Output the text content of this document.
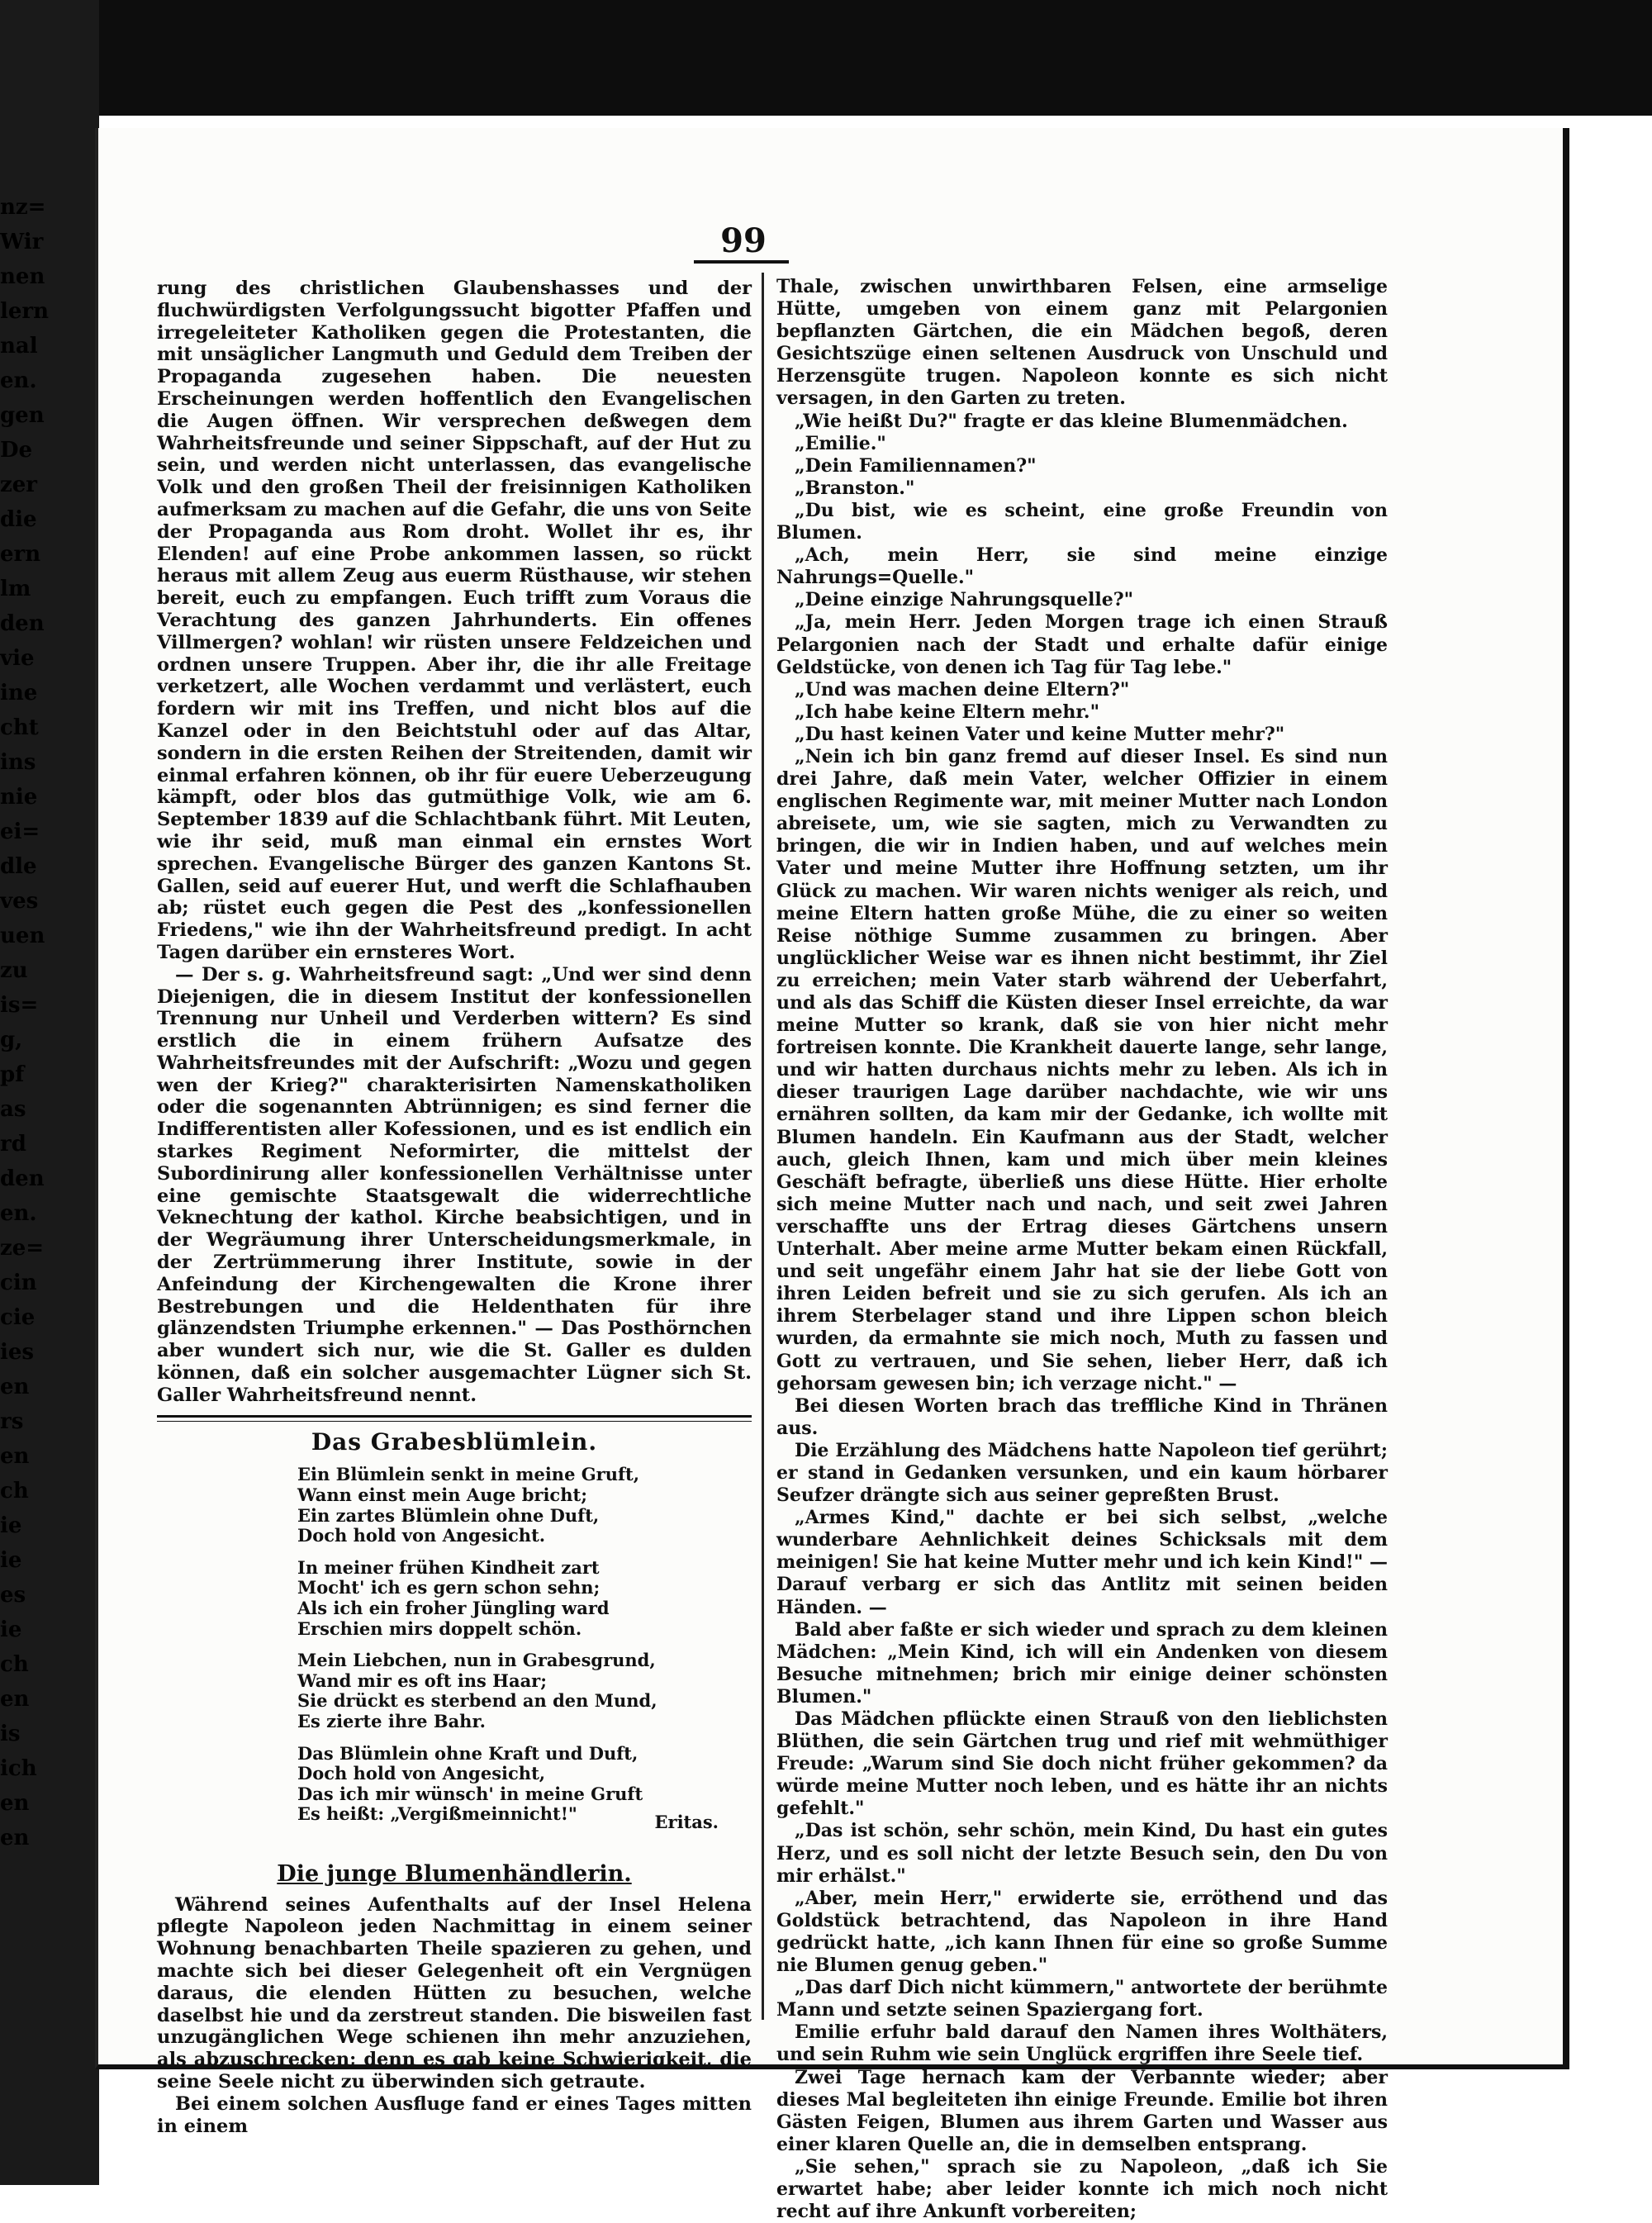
nz=
Wir
nen
lern
nal
en.
gen
De
zer
die
ern
lm
den
vie
ine
cht
ins
nie
ei=
dle
ves
uen
zu
is=
g,
pf
as
rd
den
en.
ze=
cin
cie
ies
en
rs
en
ch
ie
ie
es
ie
ch
en
is
ich
en
en
99

rung des christlichen Glaubenshasses und der fluchwürdigsten Verfolgungssucht bigotter Pfaffen und irregeleiteter Katholiken gegen die Protestanten, die mit unsäglicher Langmuth und Geduld dem Treiben der Propaganda zugesehen haben. Die neuesten Erscheinungen werden hoffentlich den Evangelischen die Augen öffnen. Wir versprechen deßwegen dem Wahrheitsfreunde und seiner Sippschaft, auf der Hut zu sein, und werden nicht unterlassen, das evangelische Volk und den großen Theil der freisinnigen Katholiken aufmerksam zu machen auf die Gefahr, die uns von Seite der Propaganda aus Rom droht. Wollet ihr es, ihr Elenden! auf eine Probe ankommen lassen, so rückt heraus mit allem Zeug aus euerm Rüsthause, wir stehen bereit, euch zu empfangen. Euch trifft zum Voraus die Verachtung des ganzen Jahrhunderts. Ein offenes Villmergen? wohlan! wir rüsten unsere Feldzeichen und ordnen unsere Truppen. Aber ihr, die ihr alle Freitage verketzert, alle Wochen verdammt und verlästert, euch fordern wir mit ins Treffen, und nicht blos auf die Kanzel oder in den Beichtstuhl oder auf das Altar, sondern in die ersten Reihen der Streitenden, damit wir einmal erfahren können, ob ihr für euere Ueberzeugung kämpft, oder blos das gutmüthige Volk, wie am 6. September 1839 auf die Schlachtbank führt. Mit Leuten, wie ihr seid, muß man einmal ein ernstes Wort sprechen. Evangelische Bürger des ganzen Kantons St. Gallen, seid auf euerer Hut, und werft die Schlafhauben ab; rüstet euch gegen die Pest des „konfessionellen Friedens," wie ihn der Wahrheitsfreund predigt. In acht Tagen darüber ein ernsteres Wort.

— Der s. g. Wahrheitsfreund sagt: „Und wer sind denn Diejenigen, die in diesem Institut der konfessionellen Trennung nur Unheil und Verderben wittern? Es sind erstlich die in einem frühern Aufsatze des Wahrheitsfreundes mit der Aufschrift: „Wozu und gegen wen der Krieg?" charakterisirten Namenskatholiken oder die sogenannten Abtrünnigen; es sind ferner die Indifferentisten aller Kofessionen, und es ist endlich ein starkes Regiment Neformirter, die mittelst der Subordinirung aller konfessionellen Verhältnisse unter eine gemischte Staatsgewalt die widerrechtliche Veknechtung der kathol. Kirche beabsichtigen, und in der Wegräumung ihrer Unterscheidungsmerkmale, in der Zertrümmerung ihrer Institute, sowie in der Anfeindung der Kirchengewalten die Krone ihrer Bestrebungen und die Heldenthaten für ihre glänzendsten Triumphe erkennen." — Das Posthörnchen aber wundert sich nur, wie die St. Galler es dulden können, daß ein solcher ausgemachter Lügner sich St. Galler Wahrheitsfreund nennt.

Das Grabesblümlein.
Ein Blümlein senkt in meine Gruft,
Wann einst mein Auge bricht;
Ein zartes Blümlein ohne Duft,
Doch hold von Angesicht.
In meiner frühen Kindheit zart
Mocht' ich es gern schon sehn;
Als ich ein froher Jüngling ward
Erschien mirs doppelt schön.
Mein Liebchen, nun in Grabesgrund,
Wand mir es oft ins Haar;
Sie drückt es sterbend an den Mund,
Es zierte ihre Bahr.
Das Blümlein ohne Kraft und Duft,
Doch hold von Angesicht,
Das ich mir wünsch' in meine Gruft
Es heißt: „Vergißmeinnicht!"	Eritas.
Die junge Blumenhändlerin.

Während seines Aufenthalts auf der Insel Helena pflegte Napoleon jeden Nachmittag in einem seiner Wohnung benachbarten Theile spazieren zu gehen, und machte sich bei dieser Gelegenheit oft ein Vergnügen daraus, die elenden Hütten zu besuchen, welche daselbst hie und da zerstreut standen. Die bisweilen fast unzugänglichen Wege schienen ihn mehr anzuziehen, als abzuschrecken; denn es gab keine Schwierigkeit, die seine Seele nicht zu überwinden sich getraute.

Bei einem solchen Ausfluge fand er eines Tages mitten in einem

Thale, zwischen unwirthbaren Felsen, eine armselige Hütte, umgeben von einem ganz mit Pelargonien bepflanzten Gärtchen, die ein Mädchen begoß, deren Gesichtszüge einen seltenen Ausdruck von Unschuld und Herzensgüte trugen. Napoleon konnte es sich nicht versagen, in den Garten zu treten.

„Wie heißt Du?" fragte er das kleine Blumenmädchen.

„Emilie."

„Dein Familiennamen?"

„Branston."

„Du bist, wie es scheint, eine große Freundin von Blumen.

„Ach, mein Herr, sie sind meine einzige Nahrungs=Quelle."

„Deine einzige Nahrungsquelle?"

„Ja, mein Herr. Jeden Morgen trage ich einen Strauß Pelargonien nach der Stadt und erhalte dafür einige Geldstücke, von denen ich Tag für Tag lebe."

„Und was machen deine Eltern?"

„Ich habe keine Eltern mehr."

„Du hast keinen Vater und keine Mutter mehr?"

„Nein ich bin ganz fremd auf dieser Insel. Es sind nun drei Jahre, daß mein Vater, welcher Offizier in einem englischen Regimente war, mit meiner Mutter nach London abreisete, um, wie sie sagten, mich zu Verwandten zu bringen, die wir in Indien haben, und auf welches mein Vater und meine Mutter ihre Hoffnung setzten, um ihr Glück zu machen. Wir waren nichts weniger als reich, und meine Eltern hatten große Mühe, die zu einer so weiten Reise nöthige Summe zusammen zu bringen. Aber unglücklicher Weise war es ihnen nicht bestimmt, ihr Ziel zu erreichen; mein Vater starb während der Ueberfahrt, und als das Schiff die Küsten dieser Insel erreichte, da war meine Mutter so krank, daß sie von hier nicht mehr fortreisen konnte. Die Krankheit dauerte lange, sehr lange, und wir hatten durchaus nichts mehr zu leben. Als ich in dieser traurigen Lage darüber nachdachte, wie wir uns ernähren sollten, da kam mir der Gedanke, ich wollte mit Blumen handeln. Ein Kaufmann aus der Stadt, welcher auch, gleich Ihnen, kam und mich über mein kleines Geschäft befragte, überließ uns diese Hütte. Hier erholte sich meine Mutter nach und nach, und seit zwei Jahren verschaffte uns der Ertrag dieses Gärtchens unsern Unterhalt. Aber meine arme Mutter bekam einen Rückfall, und seit ungefähr einem Jahr hat sie der liebe Gott von ihren Leiden befreit und sie zu sich gerufen. Als ich an ihrem Sterbelager stand und ihre Lippen schon bleich wurden, da ermahnte sie mich noch, Muth zu fassen und Gott zu vertrauen, und Sie sehen, lieber Herr, daß ich gehorsam gewesen bin; ich verzage nicht." —

Bei diesen Worten brach das treffliche Kind in Thränen aus.

Die Erzählung des Mädchens hatte Napoleon tief gerührt; er stand in Gedanken versunken, und ein kaum hörbarer Seufzer drängte sich aus seiner gepreßten Brust.

„Armes Kind," dachte er bei sich selbst, „welche wunderbare Aehnlichkeit deines Schicksals mit dem meinigen! Sie hat keine Mutter mehr und ich kein Kind!" — Darauf verbarg er sich das Antlitz mit seinen beiden Händen. —

Bald aber faßte er sich wieder und sprach zu dem kleinen Mädchen: „Mein Kind, ich will ein Andenken von diesem Besuche mitnehmen; brich mir einige deiner schönsten Blumen."

Das Mädchen pflückte einen Strauß von den lieblichsten Blüthen, die sein Gärtchen trug und rief mit wehmüthiger Freude: „Warum sind Sie doch nicht früher gekommen? da würde meine Mutter noch leben, und es hätte ihr an nichts gefehlt."

„Das ist schön, sehr schön, mein Kind, Du hast ein gutes Herz, und es soll nicht der letzte Besuch sein, den Du von mir erhälst."

„Aber, mein Herr," erwiderte sie, erröthend und das Goldstück betrachtend, das Napoleon in ihre Hand gedrückt hatte, „ich kann Ihnen für eine so große Summe nie Blumen genug geben."

„Das darf Dich nicht kümmern," antwortete der berühmte Mann und setzte seinen Spaziergang fort.

Emilie erfuhr bald darauf den Namen ihres Wolthäters, und sein Ruhm wie sein Unglück ergriffen ihre Seele tief.

Zwei Tage hernach kam der Verbannte wieder; aber dieses Mal begleiteten ihn einige Freunde. Emilie bot ihren Gästen Feigen, Blumen aus ihrem Garten und Wasser aus einer klaren Quelle an, die in demselben entsprang.

„Sie sehen," sprach sie zu Napoleon, „daß ich Sie erwartet habe; aber leider konnte ich mich noch nicht recht auf ihre Ankunft vorbereiten;
